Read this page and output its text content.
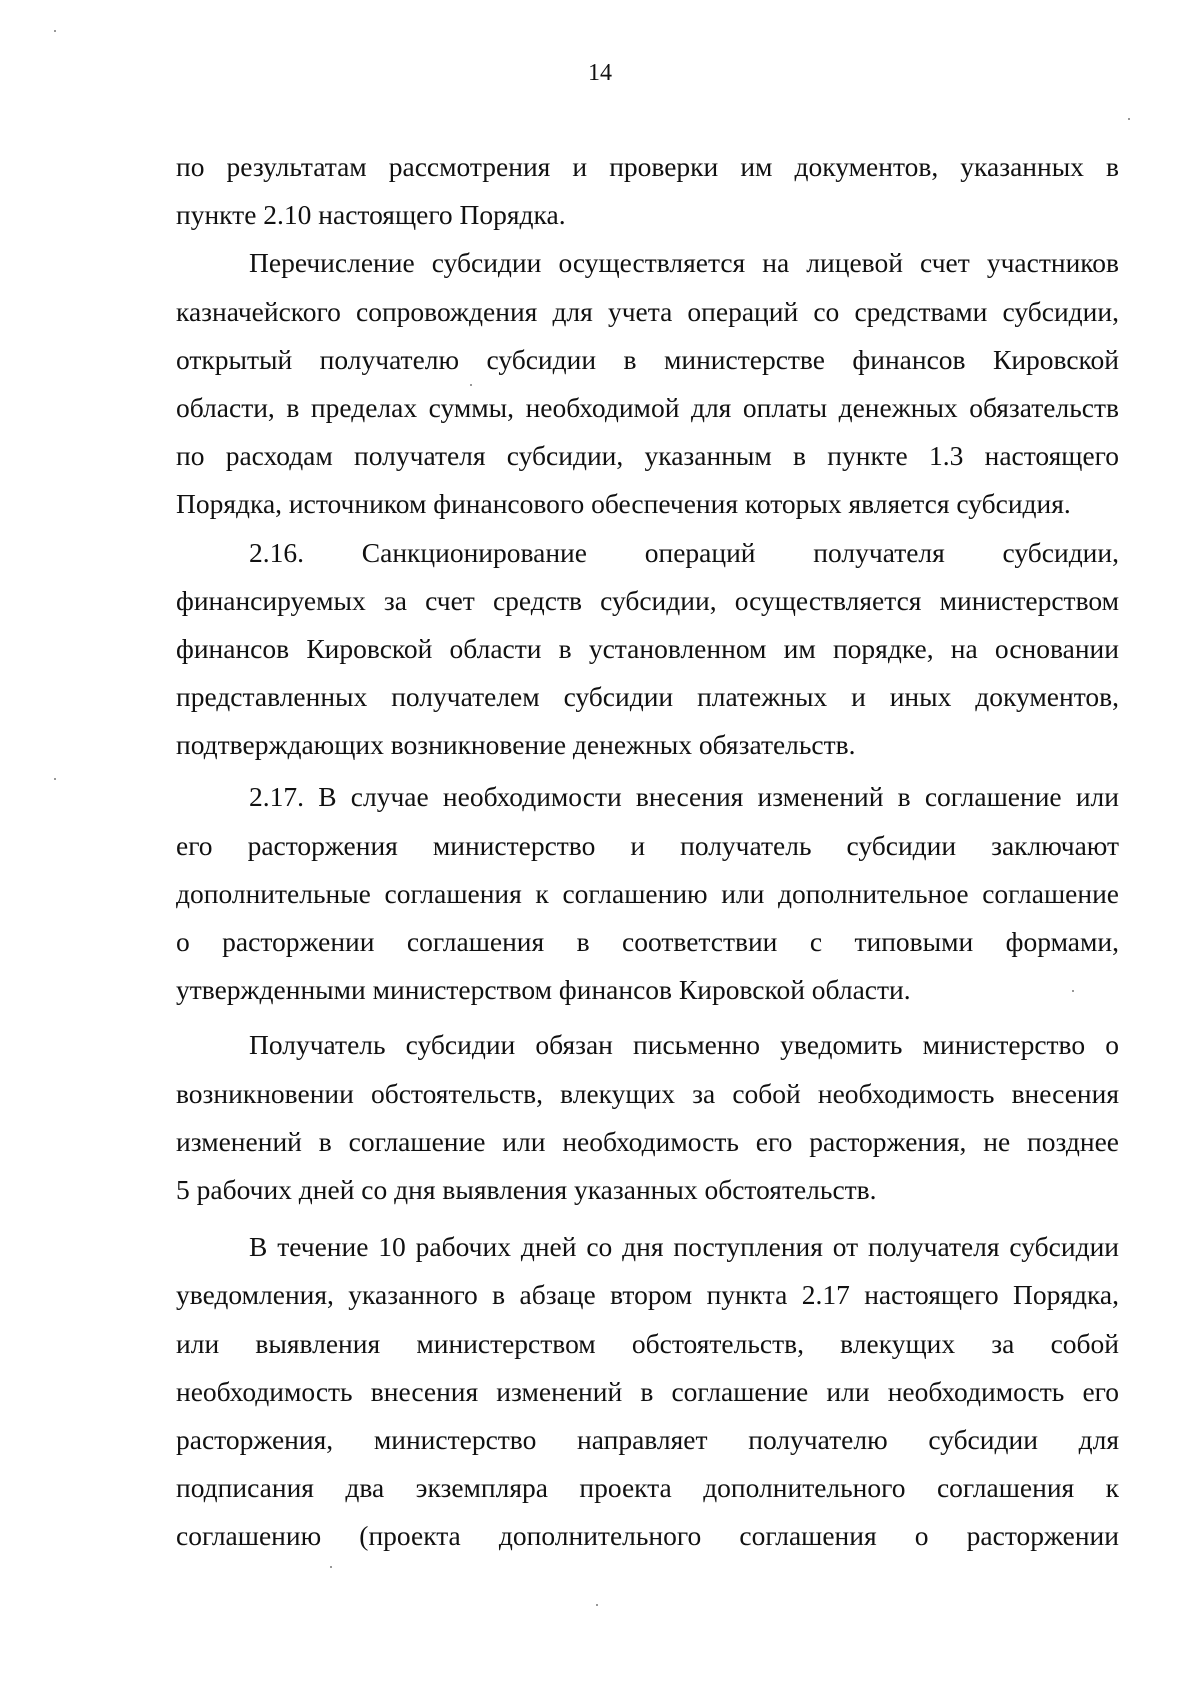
14
по результатам рассмотрения и проверки им документов, указанных в
пункте 2.10 настоящего Порядка.
Перечисление субсидии осуществляется на лицевой счет участников
казначейского сопровождения для учета операций со средствами субсидии,
открытый получателю субсидии в министерстве финансов Кировской
области, в пределах суммы, необходимой для оплаты денежных обязательств
по расходам получателя субсидии, указанным в пункте 1.3 настоящего
Порядка, источником финансового обеспечения которых является субсидия.
2.16. Санкционирование операций получателя субсидии,
финансируемых за счет средств субсидии, осуществляется министерством
финансов Кировской области в установленном им порядке, на основании
представленных получателем субсидии платежных и иных документов,
подтверждающих возникновение денежных обязательств.
2.17. В случае необходимости внесения изменений в соглашение или
его расторжения министерство и получатель субсидии заключают
дополнительные соглашения к соглашению или дополнительное соглашение
о расторжении соглашения в соответствии с типовыми формами,
утвержденными министерством финансов Кировской области.
Получатель субсидии обязан письменно уведомить министерство о
возникновении обстоятельств, влекущих за собой необходимость внесения
изменений в соглашение или необходимость его расторжения, не позднее
5 рабочих дней со дня выявления указанных обстоятельств.
В течение 10 рабочих дней со дня поступления от получателя субсидии
уведомления, указанного в абзаце втором пункта 2.17 настоящего Порядка,
или выявления министерством обстоятельств, влекущих за собой
необходимость внесения изменений в соглашение или необходимость его
расторжения, министерство направляет получателю субсидии для
подписания два экземпляра проекта дополнительного соглашения к
соглашению (проекта дополнительного соглашения о расторжении
